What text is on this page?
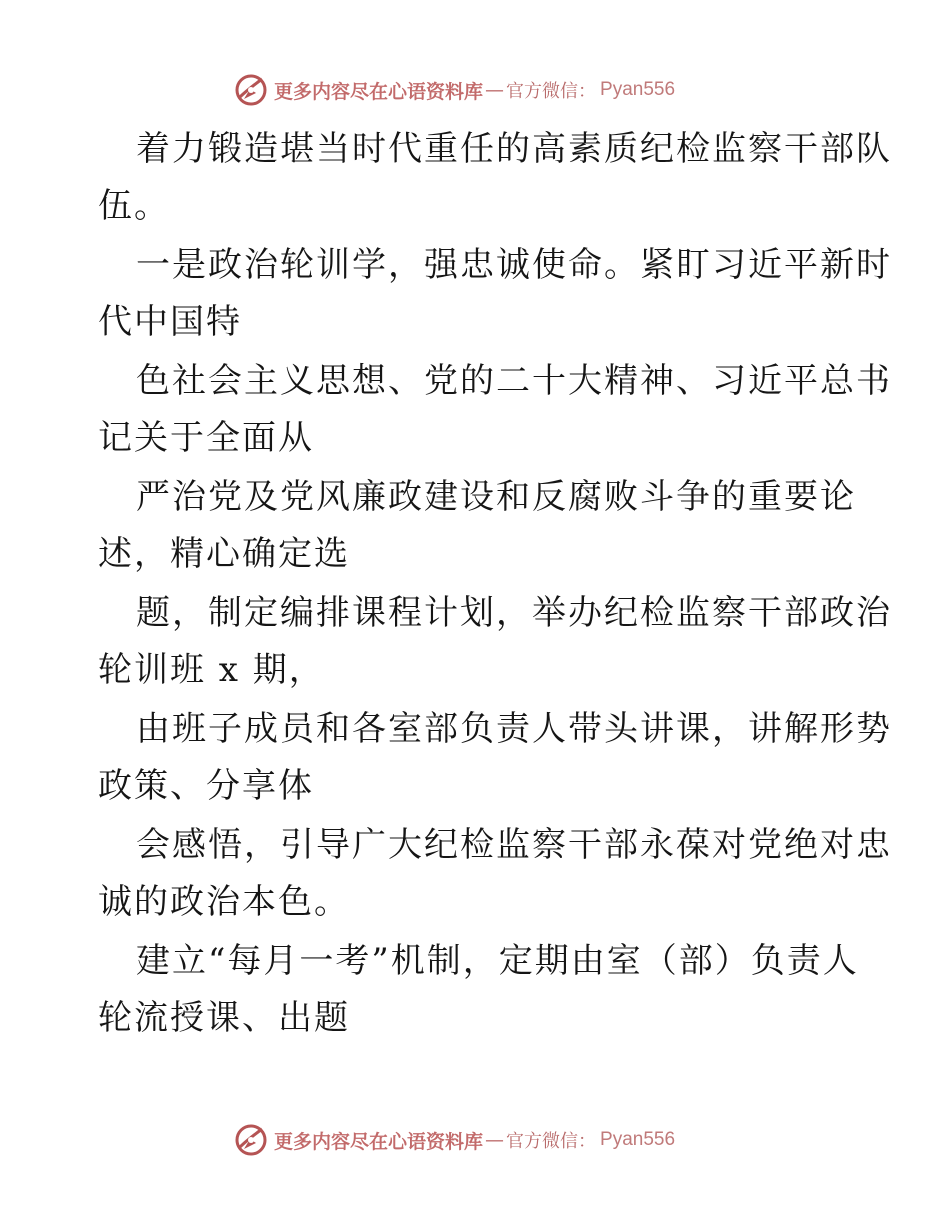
更多内容尽在心语资料库 — 官方微信： Pyan556
着力锻造堪当时代重任的高素质纪检监察干部队
伍。
一是政治轮训学，强忠诚使命。紧盯习近平新时
代中国特
色社会主义思想、党的二十大精神、习近平总书
记关于全面从
严治党及党风廉政建设和反腐败斗争的重要论
述，精心确定选
题，制定编排课程计划，举办纪检监察干部政治
轮训班 x 期，
由班子成员和各室部负责人带头讲课，讲解形势
政策、分享体
会感悟，引导广大纪检监察干部永葆对党绝对忠
诚的政治本色。
建立“每月一考”机制，定期由室（部）负责人
轮流授课、出题
更多内容尽在心语资料库 — 官方微信： Pyan556
